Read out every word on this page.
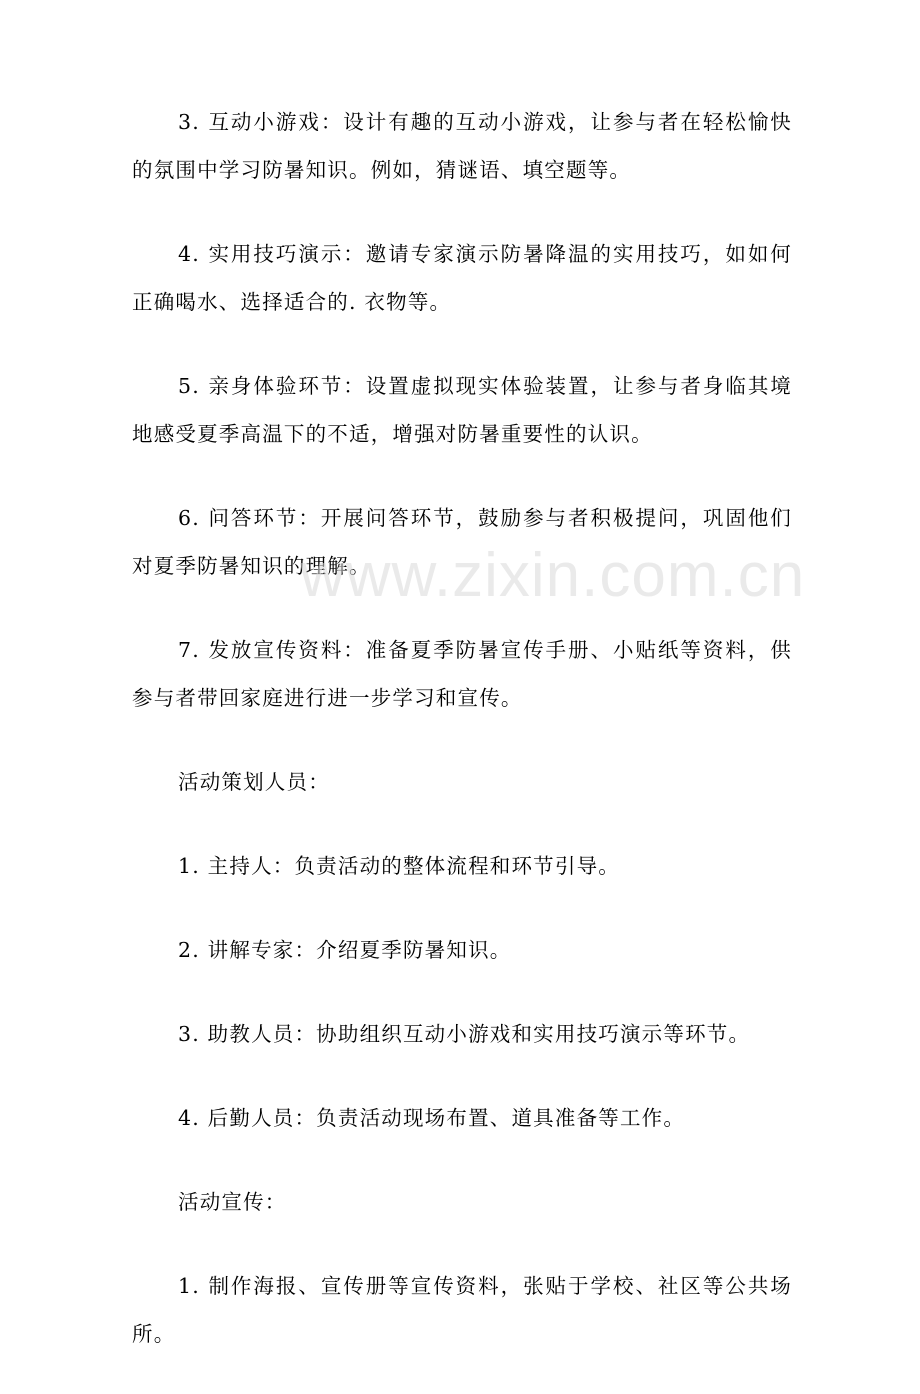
3. 互动小游戏：设计有趣的互动小游戏，让参与者在轻松愉快的氛围中学习防暑知识。例如，猜谜语、填空题等。

4. 实用技巧演示：邀请专家演示防暑降温的实用技巧，如如何正确喝水、选择适合的. 衣物等。

5. 亲身体验环节：设置虚拟现实体验装置，让参与者身临其境地感受夏季高温下的不适，增强对防暑重要性的认识。

6. 问答环节：开展问答环节，鼓励参与者积极提问，巩固他们对夏季防暑知识的理解。

7. 发放宣传资料：准备夏季防暑宣传手册、小贴纸等资料，供参与者带回家庭进行进一步学习和宣传。

活动策划人员：

1. 主持人：负责活动的整体流程和环节引导。

2. 讲解专家：介绍夏季防暑知识。

3. 助教人员：协助组织互动小游戏和实用技巧演示等环节。

4. 后勤人员：负责活动现场布置、道具准备等工作。

活动宣传：

1. 制作海报、宣传册等宣传资料，张贴于学校、社区等公共场所。

www.zixin.com.cn
